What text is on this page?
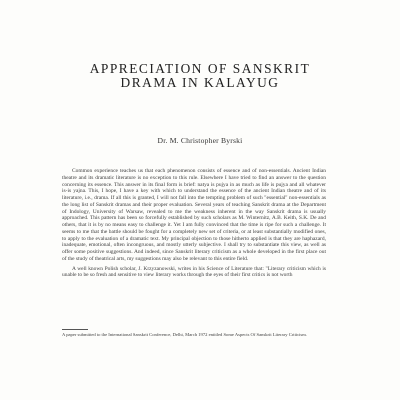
APPRECIATION OF SANSKRIT
DRAMA IN KALAYUG
Dr. M. Christopher Byrski

Common experience teaches us that each phenomenon consists of essence and of non-essentials. Ancient Indian theatre and its dramatic literature is no exception to this rule. Elsewhere I have tried to find an answer to the question concerning its essence. This answer in its final form is brief: natya is pujya in as much as life is pujya and all whatever is-is yajna. This, I hope, I have a key with which to understand the essence of the ancient Indian theatre and of its literature, i.e., drama. If all this is granted, I will not fall into the tempting problem of such "essential" non-essentials as the long list of Sanskrit dramas and their proper evaluation. Several years of teaching Sanskrit drama at the Department of Indology, University of Warsaw, revealed to me the weakness inherent in the way Sanskrit drama is usually approached. This pattern has been so forcefully established by such scholars as M. Winternitz, A.B. Keith, S.K. De and others, that it is by no means easy to challenge it. Yet I am fully convinced that the time is ripe for such a challenge. It seems to me that the battle should be fought for a completely new set of criteria, or at least substantially modified ones, to apply to the evaluation of a dramatic text. My principal objection to those hitherto applied is that they are haphazard, inadequate, emotional, often incongruous, and mostly utterly subjective. I shall try to substantiate this view, as well as offer some positive suggestions. And indeed, since Sanskrit literary criticism as a whole developed in the first place out of the study of theatrical arts, my suggestions may also be relevant to this entire field.

A well known Polish scholar, J. Krzyzanowski, writes in his Science of Literature that: "Literary criticism which is unable to be so fresh and sensitive to view literary works through the eyes of their first critics is not worth

A paper submitted to the International Sanskrit Conference, Delhi, March 1972 entitled Some Aspects Of Sanskrit Literary Criticism.
